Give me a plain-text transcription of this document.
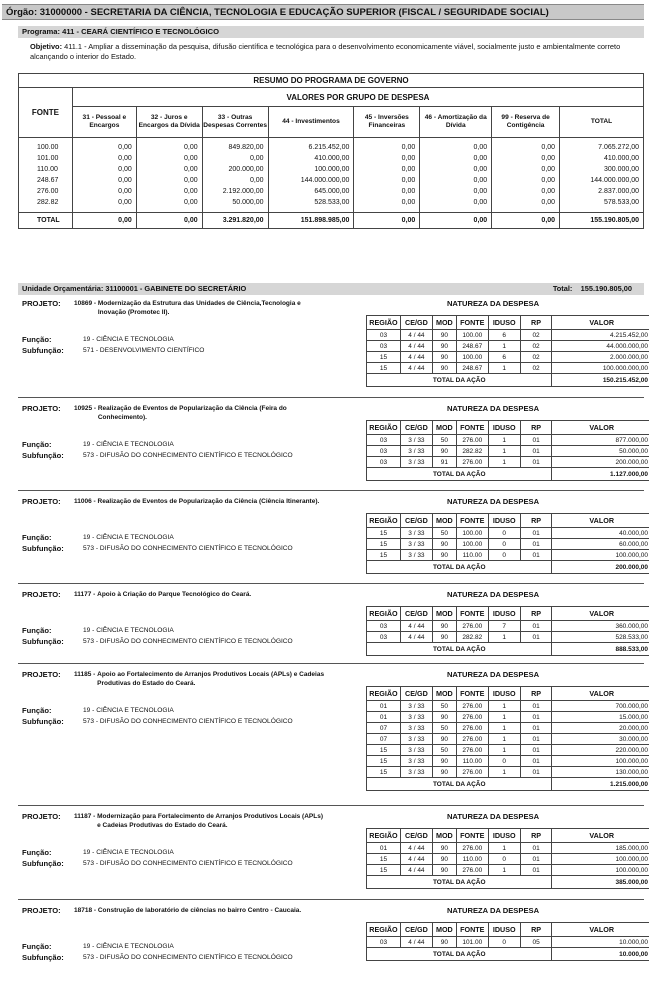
Órgão: 31000000 - SECRETARIA DA CIÊNCIA, TECNOLOGIA E EDUCAÇÃO SUPERIOR (FISCAL / SEGURIDADE SOCIAL)
Programa: 411 - CEARÁ CIENTÍFICO E TECNOLÓGICO
Objetivo: 411.1 - Ampliar a disseminação da pesquisa, difusão científica e tecnológica para o desenvolvimento economicamente viável, socialmente justo e ambientalmente correto alcançando o interior do Estado.
RESUMO DO PROGRAMA DE GOVERNO								
FONTE	VALORES POR GRUPO DE DESPESA							
	31 - Pessoal e Encargos	32 - Juros e Encargos da Dívida	33 - Outras Despesas Correntes	44 - Investimentos	45 - Inversões Financeiras	46 - Amortização da Dívida	99 - Reserva de Contigência	TOTAL

100.00	0,00	0,00	849.820,00	6.215.452,00	0,00	0,00	0,00	7.065.272,00
101.00	0,00	0,00	0,00	410.000,00	0,00	0,00	0,00	410.000,00
110.00	0,00	0,00	200.000,00	100.000,00	0,00	0,00	0,00	300.000,00
248.67	0,00	0,00	0,00	144.000.000,00	0,00	0,00	0,00	144.000.000,00
276.00	0,00	0,00	2.192.000,00	645.000,00	0,00	0,00	0,00	2.837.000,00
282.82	0,00	0,00	50.000,00	528.533,00	0,00	0,00	0,00	578.533,00

TOTAL	0,00	0,00	3.291.820,00	151.898.985,00	0,00	0,00	0,00	155.190.805,00
Unidade Orçamentária: 31100001 - GABINETE DO SECRETÁRIO	Total: 155.190.805,00
PROJETO: 10869 - Modernização da Estrutura das Unidades de Ciência,Tecnologia e Inovação (Promotec II).
Função:	19 - CIÊNCIA E TECNOLOGIA
Subfunção:	571 - DESENVOLVIMENTO CIENTÍFICO
NATUREZA DA DESPESA
REGIÃO	CE/GD	MOD	FONTE	IDUSO	RP	VALOR
03	4 / 44	90	100.00	6	02	4.215.452,00
03	4 / 44	90	248.67	1	02	44.000.000,00
15	4 / 44	90	100.00	6	02	2.000.000,00
15	4 / 44	90	248.67	1	02	100.000.000,00
TOTAL DA AÇÃO						150.215.452,00
PROJETO: 10925 - Realização de Eventos de Popularização da Ciência (Feira do Conhecimento).
Função:	19 - CIÊNCIA E TECNOLOGIA
Subfunção:	573 - DIFUSÃO DO CONHECIMENTO CIENTÍFICO E TECNOLÓGICO
NATUREZA DA DESPESA
REGIÃO	CE/GD	MOD	FONTE	IDUSO	RP	VALOR
03	3 / 33	50	276.00	1	01	877.000,00
03	3 / 33	90	282.82	1	01	50.000,00
03	3 / 33	91	276.00	1	01	200.000,00
TOTAL DA AÇÃO						1.127.000,00
PROJETO: 11006 - Realização de Eventos de Popularização da Ciência (Ciência Itinerante).
Função:	19 - CIÊNCIA E TECNOLOGIA
Subfunção:	573 - DIFUSÃO DO CONHECIMENTO CIENTÍFICO E TECNOLÓGICO
NATUREZA DA DESPESA
REGIÃO	CE/GD	MOD	FONTE	IDUSO	RP	VALOR
15	3 / 33	50	100.00	0	01	40.000,00
15	3 / 33	90	100.00	0	01	60.000,00
15	3 / 33	90	110.00	0	01	100.000,00
TOTAL DA AÇÃO						200.000,00
PROJETO: 11177 - Apoio à Criação do Parque Tecnológico do Ceará.
Função:	19 - CIÊNCIA E TECNOLOGIA
Subfunção:	573 - DIFUSÃO DO CONHECIMENTO CIENTÍFICO E TECNOLÓGICO
NATUREZA DA DESPESA
REGIÃO	CE/GD	MOD	FONTE	IDUSO	RP	VALOR
03	4 / 44	90	276.00	7	01	360.000,00
03	4 / 44	90	282.82	1	01	528.533,00
TOTAL DA AÇÃO						888.533,00
PROJETO: 11185 - Apoio ao Fortalecimento de Arranjos Produtivos Locais (APLs) e Cadeias Produtivas do Estado do Ceará.
Função:	19 - CIÊNCIA E TECNOLOGIA
Subfunção:	573 - DIFUSÃO DO CONHECIMENTO CIENTÍFICO E TECNOLÓGICO
NATUREZA DA DESPESA
REGIÃO	CE/GD	MOD	FONTE	IDUSO	RP	VALOR
01	3 / 33	50	276.00	1	01	700.000,00
01	3 / 33	90	276.00	1	01	15.000,00
07	3 / 33	50	276.00	1	01	20.000,00
07	3 / 33	90	276.00	1	01	30.000,00
15	3 / 33	50	276.00	1	01	220.000,00
15	3 / 33	90	110.00	0	01	100.000,00
15	3 / 33	90	276.00	1	01	130.000,00
TOTAL DA AÇÃO						1.215.000,00
PROJETO: 11187 - Modernização para Fortalecimento de Arranjos Produtivos Locais (APLs) e Cadeias Produtivas do Estado do Ceará.
Função:	19 - CIÊNCIA E TECNOLOGIA
Subfunção:	573 - DIFUSÃO DO CONHECIMENTO CIENTÍFICO E TECNOLÓGICO
NATUREZA DA DESPESA
REGIÃO	CE/GD	MOD	FONTE	IDUSO	RP	VALOR
01	4 / 44	90	276.00	1	01	185.000,00
15	4 / 44	90	110.00	0	01	100.000,00
15	4 / 44	90	276.00	1	01	100.000,00
TOTAL DA AÇÃO						385.000,00
PROJETO: 18718 - Construção de laboratório de ciências no bairro Centro - Caucaia.
Função:	19 - CIÊNCIA E TECNOLOGIA
Subfunção:	573 - DIFUSÃO DO CONHECIMENTO CIENTÍFICO E TECNOLÓGICO
NATUREZA DA DESPESA
REGIÃO	CE/GD	MOD	FONTE	IDUSO	RP	VALOR
03	4 / 44	90	101.00	0	05	10.000,00
TOTAL DA AÇÃO						10.000,00
